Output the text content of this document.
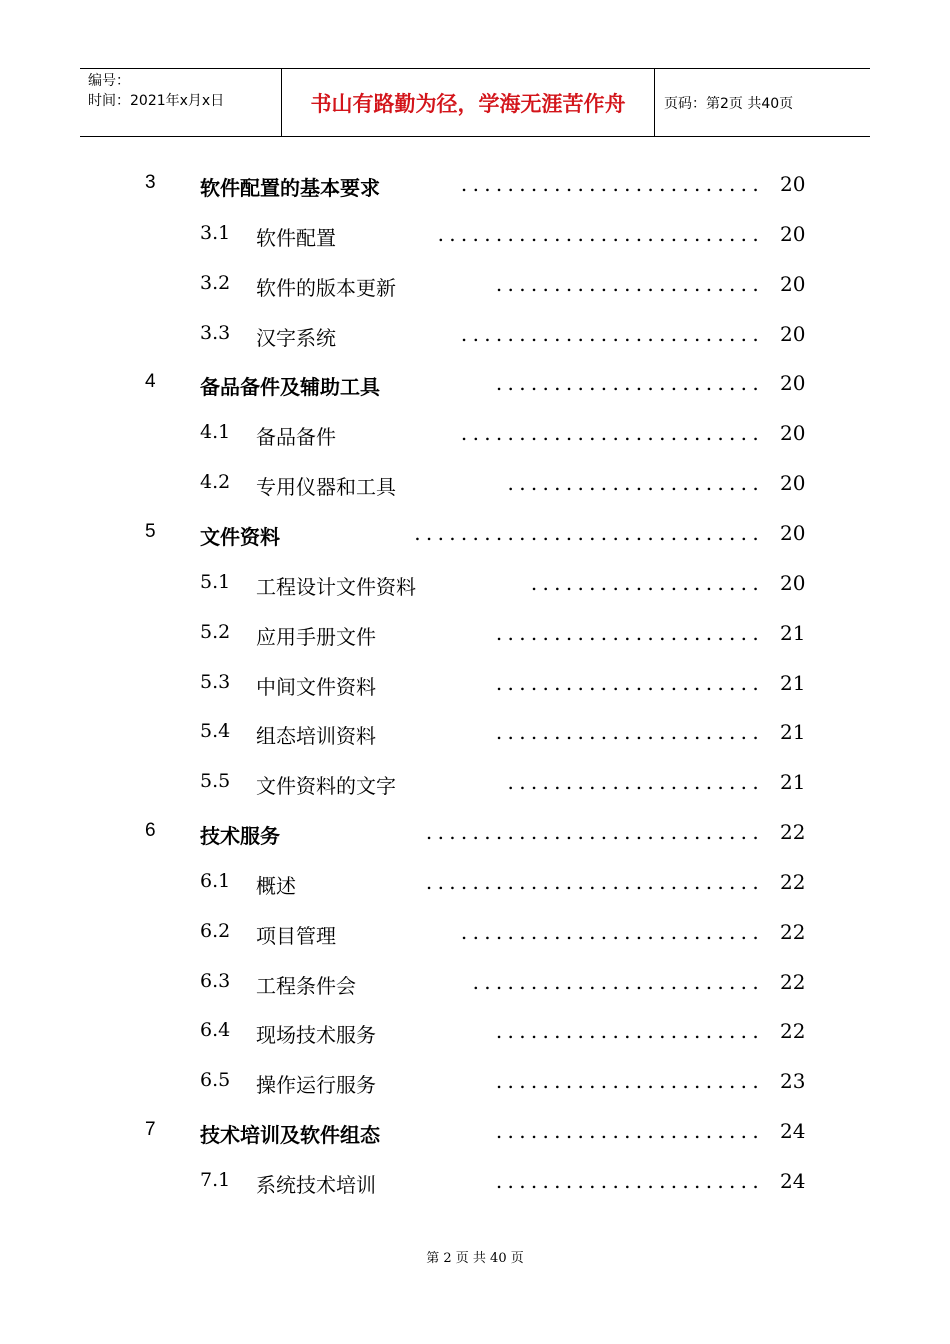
编号：
时间：2021年x月x日	书山有路勤为径，学海无涯苦作舟	页码：第2页 共40页
3 软件配置的基本要求	.......................... 20
3.1 软件配置	............................ 20
3.2 软件的版本更新	....................... 20
3.3 汉字系统	.......................... 20
4 备品备件及辅助工具	....................... 20
4.1 备品备件	.......................... 20
4.2 专用仪器和工具	...................... 20
5 文件资料	.............................. 20
5.1 工程设计文件资料	.................... 20
5.2 应用手册文件	....................... 21
5.3 中间文件资料	....................... 21
5.4 组态培训资料	....................... 21
5.5 文件资料的文字	...................... 21
6 技术服务	............................. 22
6.1 概述	............................. 22
6.2 项目管理	.......................... 22
6.3 工程条件会	......................... 22
6.4 现场技术服务	....................... 22
6.5 操作运行服务	....................... 23
7 技术培训及软件组态	....................... 24
7.1 系统技术培训	....................... 24
第 2 页 共 40 页
